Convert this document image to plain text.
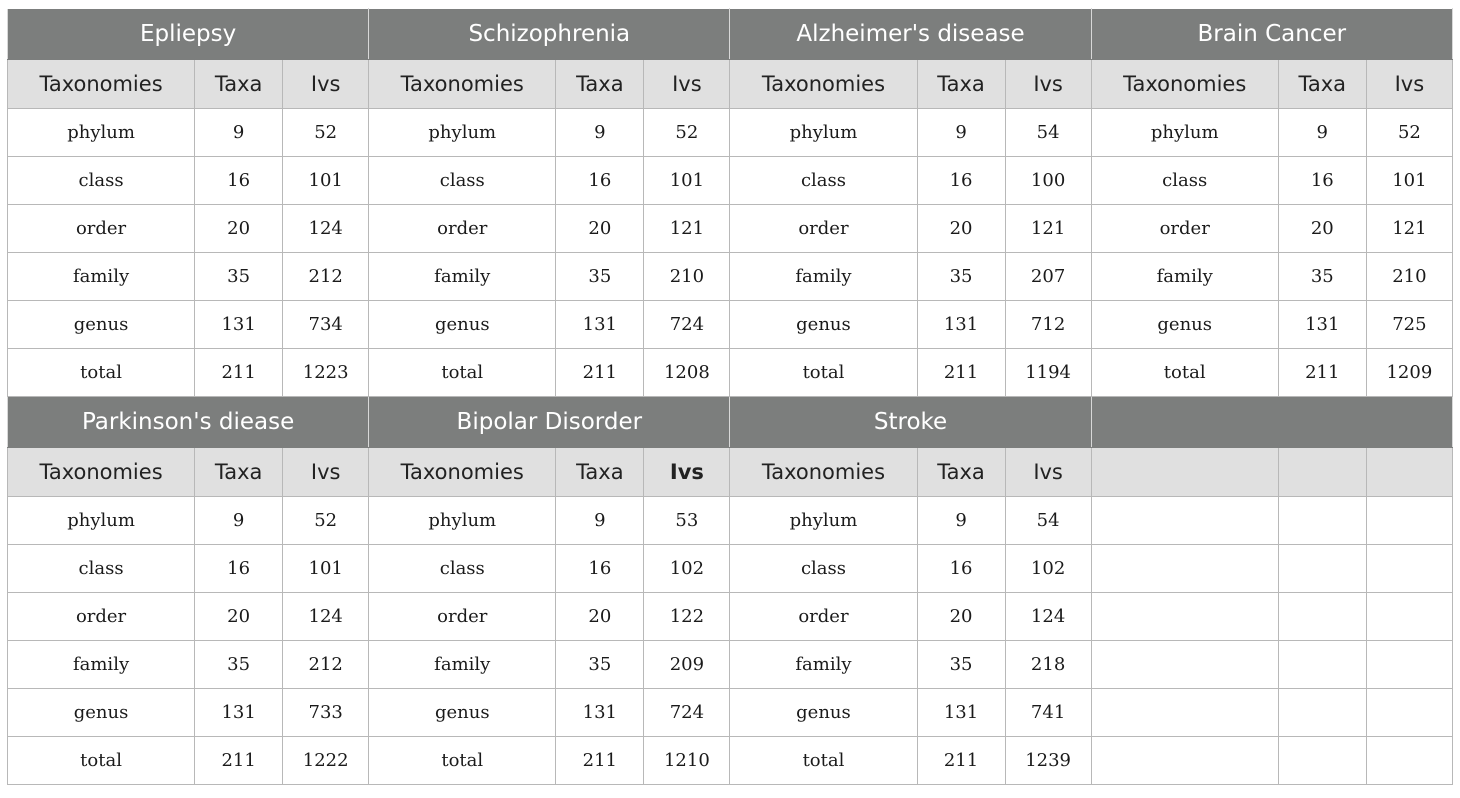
Epliepsy			Schizophrenia			Alzheimer's disease			Brain Cancer		
Taxonomies	Taxa	Ivs	Taxonomies	Taxa	Ivs	Taxonomies	Taxa	Ivs	Taxonomies	Taxa	Ivs
phylum	9	52	phylum	9	52	phylum	9	54	phylum	9	52
class	16	101	class	16	101	class	16	100	class	16	101
order	20	124	order	20	121	order	20	121	order	20	121
family	35	212	family	35	210	family	35	207	family	35	210
genus	131	734	genus	131	724	genus	131	712	genus	131	725
total	211	1223	total	211	1208	total	211	1194	total	211	1209
Parkinson's diease			Bipolar Disorder			Stroke					
Taxonomies	Taxa	Ivs	Taxonomies	Taxa	Ivs	Taxonomies	Taxa	Ivs			
phylum	9	52	phylum	9	53	phylum	9	54			
class	16	101	class	16	102	class	16	102			
order	20	124	order	20	122	order	20	124			
family	35	212	family	35	209	family	35	218			
genus	131	733	genus	131	724	genus	131	741			
total	211	1222	total	211	1210	total	211	1239			
